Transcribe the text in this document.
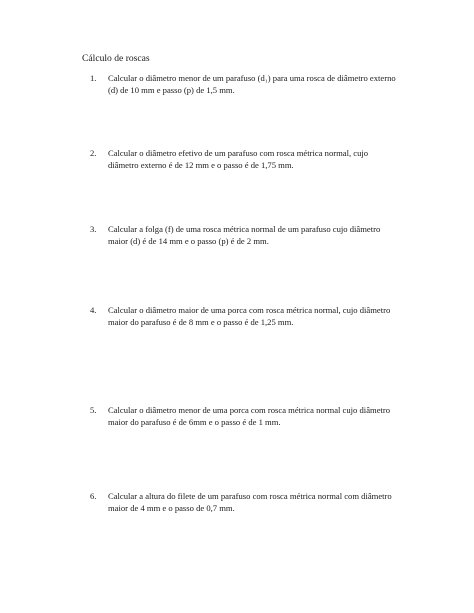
Cálculo de roscas
1.	Calcular o diâmetro menor de um parafuso (d₁) para uma rosca de diâmetro externo (d) de 10 mm e passo (p) de 1,5 mm.
2.	Calcular o diâmetro efetivo de um parafuso com rosca métrica normal, cujo diâmetro externo é de 12 mm e o passo é de 1,75 mm.
3.	Calcular a folga (f) de uma rosca métrica normal de um parafuso cujo diâmetro maior (d) é de 14 mm e o passo (p) é de 2 mm.
4.	Calcular o diâmetro maior de uma porca com rosca métrica normal, cujo diâmetro maior do parafuso é de 8 mm e o passo é de 1,25 mm.
5.	Calcular o diâmetro menor de uma porca com rosca métrica normal cujo diâmetro maior do parafuso é de 6mm e o passo é de 1 mm.
6.	Calcular a altura do filete de um parafuso com rosca métrica normal com diâmetro maior de 4 mm e o passo de 0,7 mm.
